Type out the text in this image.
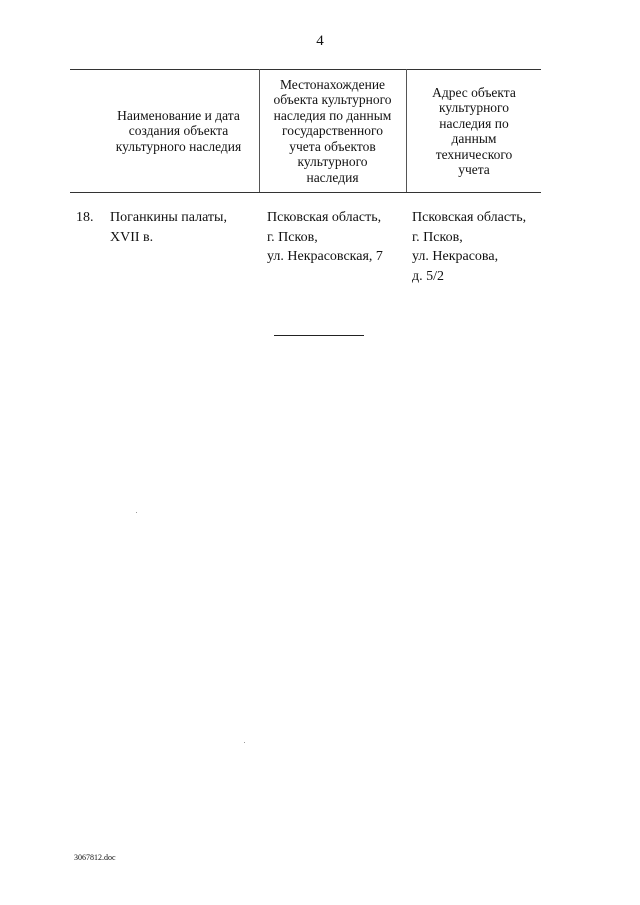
4
Наименование и дата
создания объекта
культурного наследия
Местонахождение
объекта культурного
наследия по данным
государственного
учета объектов
культурного
наследия
Адрес объекта
культурного
наследия по
данным
технического
учета
18. Поганкины палаты,
XVII в.
Псковская область,
г. Псков,
ул. Некрасовская, 7
Псковская область,
г. Псков,
ул. Некрасова,
д. 5/2
3067812.doc
